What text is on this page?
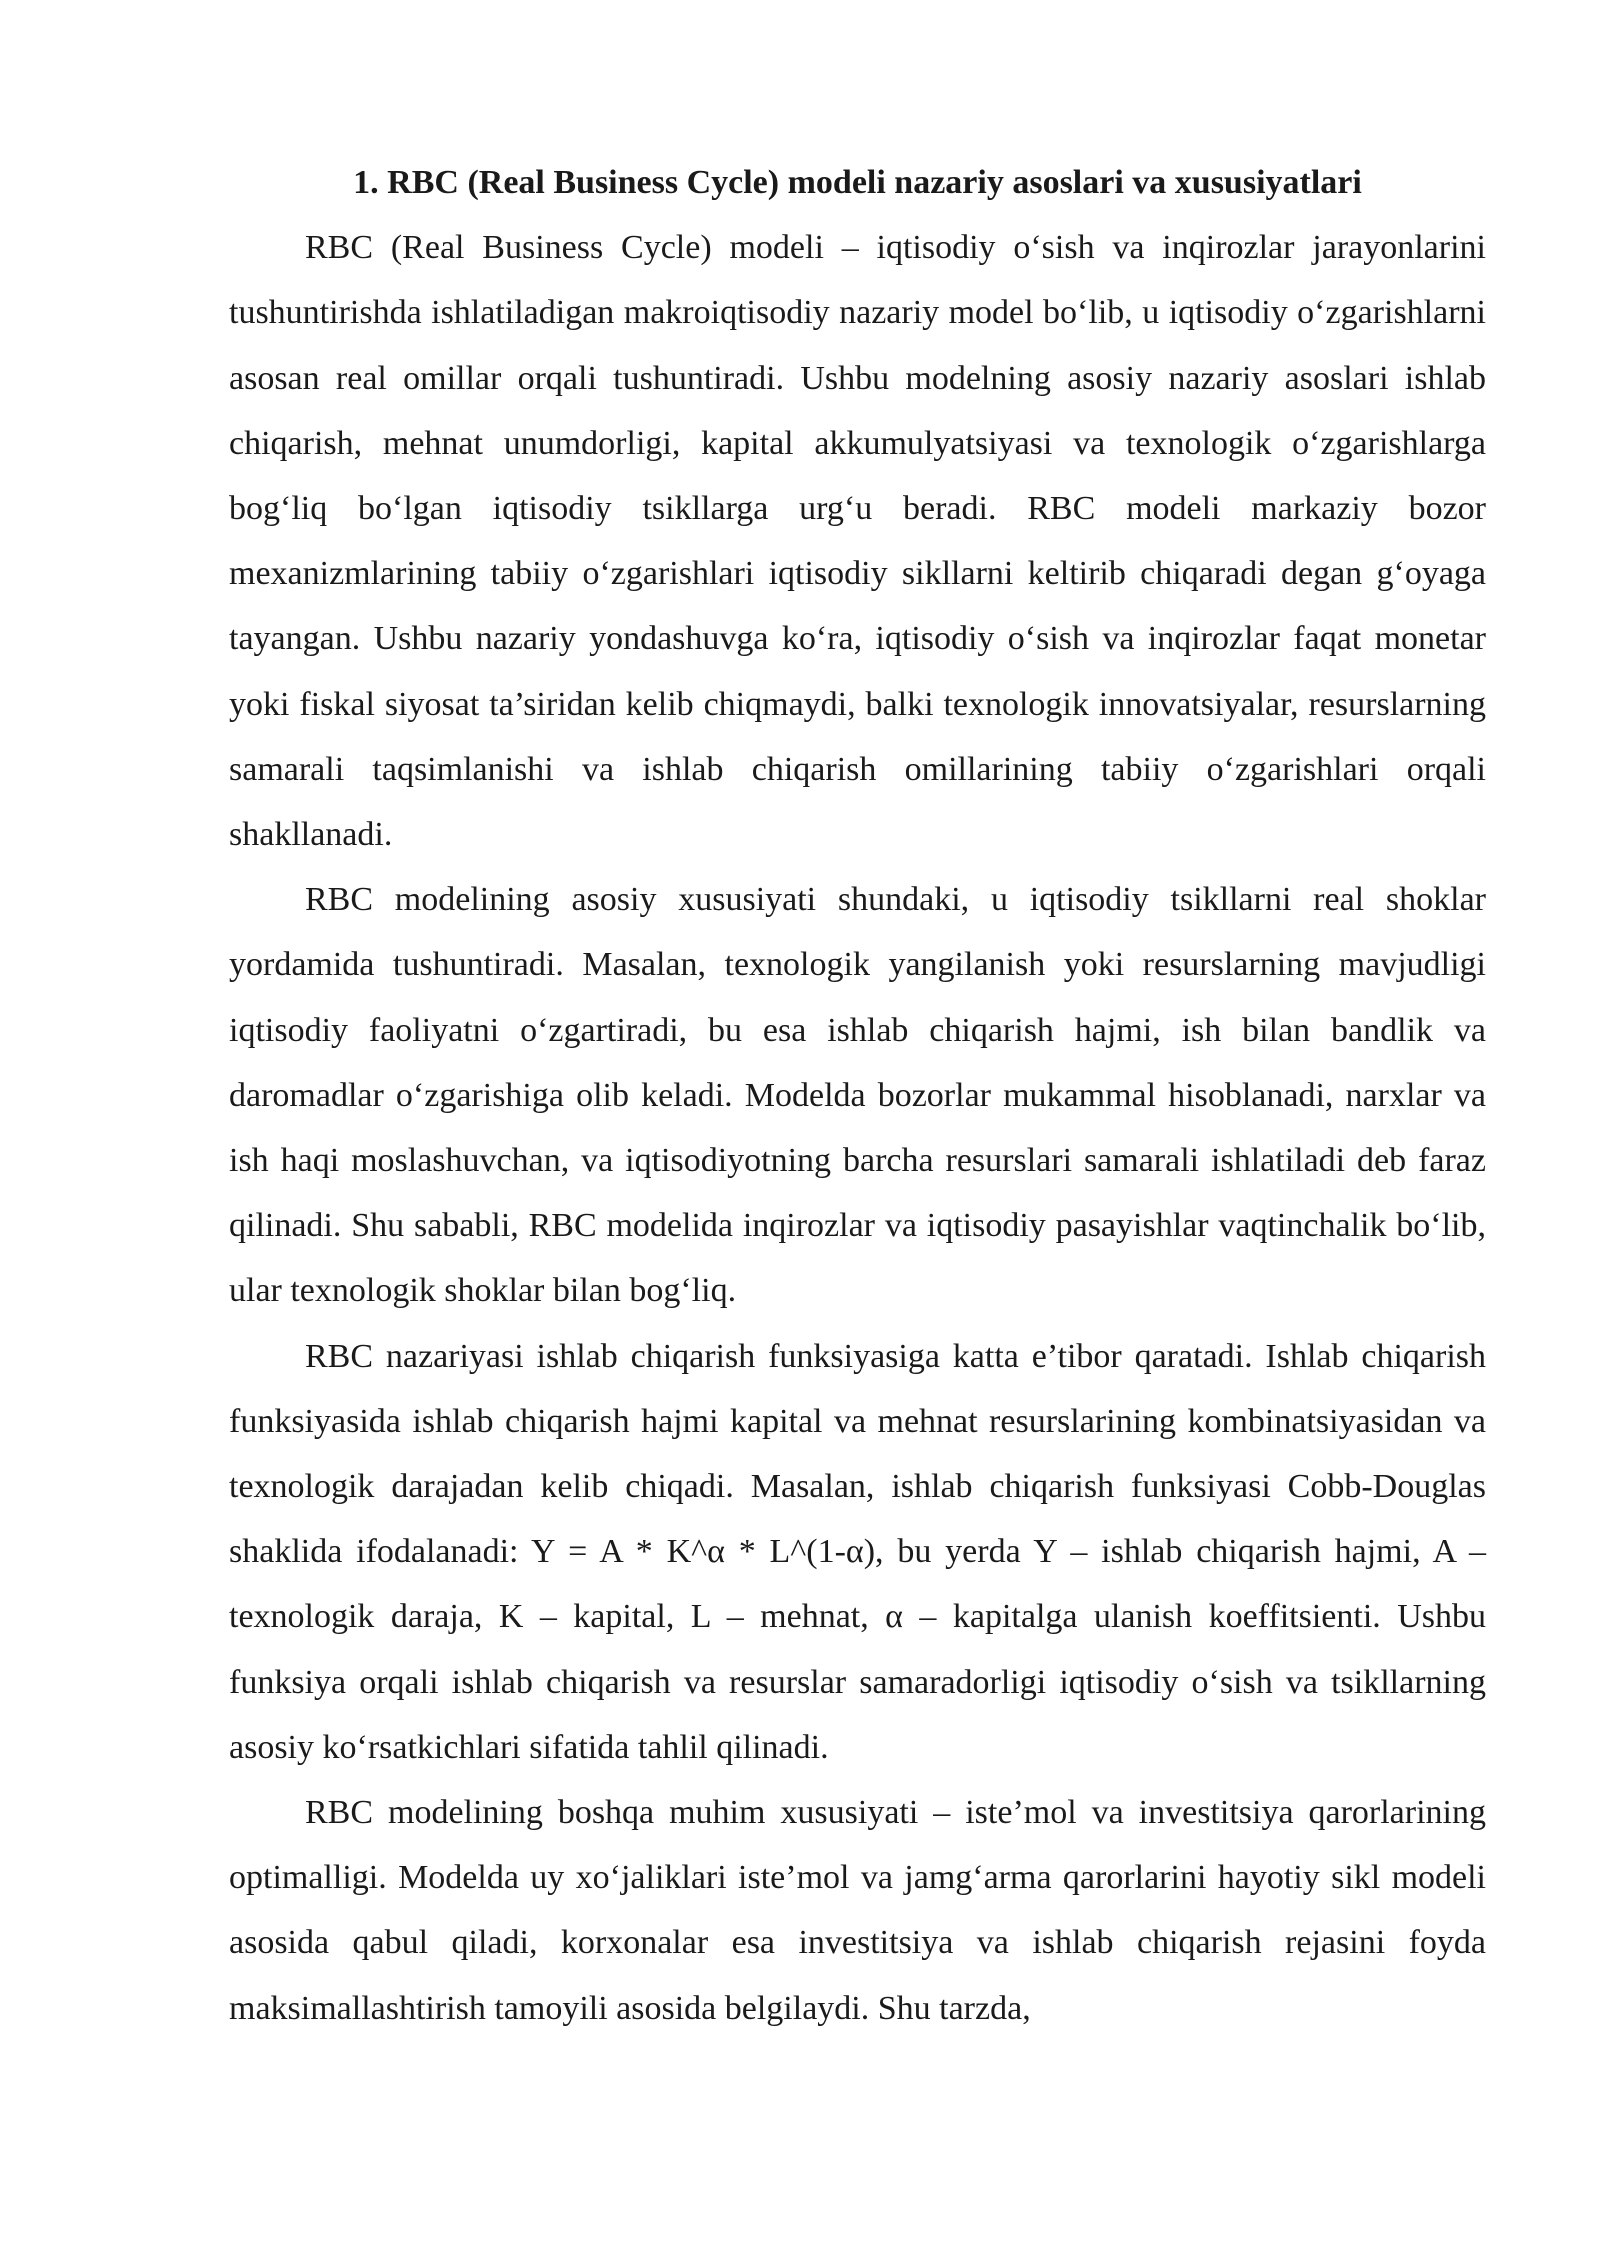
1. RBC (Real Business Cycle) modeli nazariy asoslari va xususiyatlari

RBC (Real Business Cycle) modeli – iqtisodiy oʻsish va inqirozlar jarayonlarini tushuntirishda ishlatiladigan makroiqtisodiy nazariy model boʻlib, u iqtisodiy oʻzgarishlarni asosan real omillar orqali tushuntiradi. Ushbu modelning asosiy nazariy asoslari ishlab chiqarish, mehnat unumdorligi, kapital akkumulyatsiyasi va texnologik oʻzgarishlarga bogʻliq boʻlgan iqtisodiy tsikllarga urgʻu beradi. RBC modeli markaziy bozor mexanizmlarining tabiiy oʻzgarishlari iqtisodiy sikllarni keltirib chiqaradi degan gʻoyaga tayangan. Ushbu nazariy yondashuvga koʻra, iqtisodiy oʻsish va inqirozlar faqat monetar yoki fiskal siyosat ta’siridan kelib chiqmaydi, balki texnologik innovatsiyalar, resurslarning samarali taqsimlanishi va ishlab chiqarish omillarining tabiiy oʻzgarishlari orqali shakllanadi.

RBC modelining asosiy xususiyati shundaki, u iqtisodiy tsikllarni real shoklar yordamida tushuntiradi. Masalan, texnologik yangilanish yoki resurslarning mavjudligi iqtisodiy faoliyatni oʻzgartiradi, bu esa ishlab chiqarish hajmi, ish bilan bandlik va daromadlar oʻzgarishiga olib keladi. Modelda bozorlar mukammal hisoblanadi, narxlar va ish haqi moslashuvchan, va iqtisodiyotning barcha resurslari samarali ishlatiladi deb faraz qilinadi. Shu sababli, RBC modelida inqirozlar va iqtisodiy pasayishlar vaqtinchalik boʻlib, ular texnologik shoklar bilan bogʻliq.

RBC nazariyasi ishlab chiqarish funksiyasiga katta e’tibor qaratadi. Ishlab chiqarish funksiyasida ishlab chiqarish hajmi kapital va mehnat resurslarining kombinatsiyasidan va texnologik darajadan kelib chiqadi. Masalan, ishlab chiqarish funksiyasi Cobb-Douglas shaklida ifodalanadi: Y = A * K^α * L^(1-α), bu yerda Y – ishlab chiqarish hajmi, A – texnologik daraja, K – kapital, L – mehnat, α – kapitalga ulanish koeffitsienti. Ushbu funksiya orqali ishlab chiqarish va resurslar samaradorligi iqtisodiy oʻsish va tsikllarning asosiy koʻrsatkichlari sifatida tahlil qilinadi.

RBC modelining boshqa muhim xususiyati – iste’mol va investitsiya qarorlarining optimalligi. Modelda uy xoʻjaliklari iste’mol va jamgʻarma qarorlarini hayotiy sikl modeli asosida qabul qiladi, korxonalar esa investitsiya va ishlab chiqarish rejasini foyda maksimallashtirish tamoyili asosida belgilaydi. Shu tarzda,
